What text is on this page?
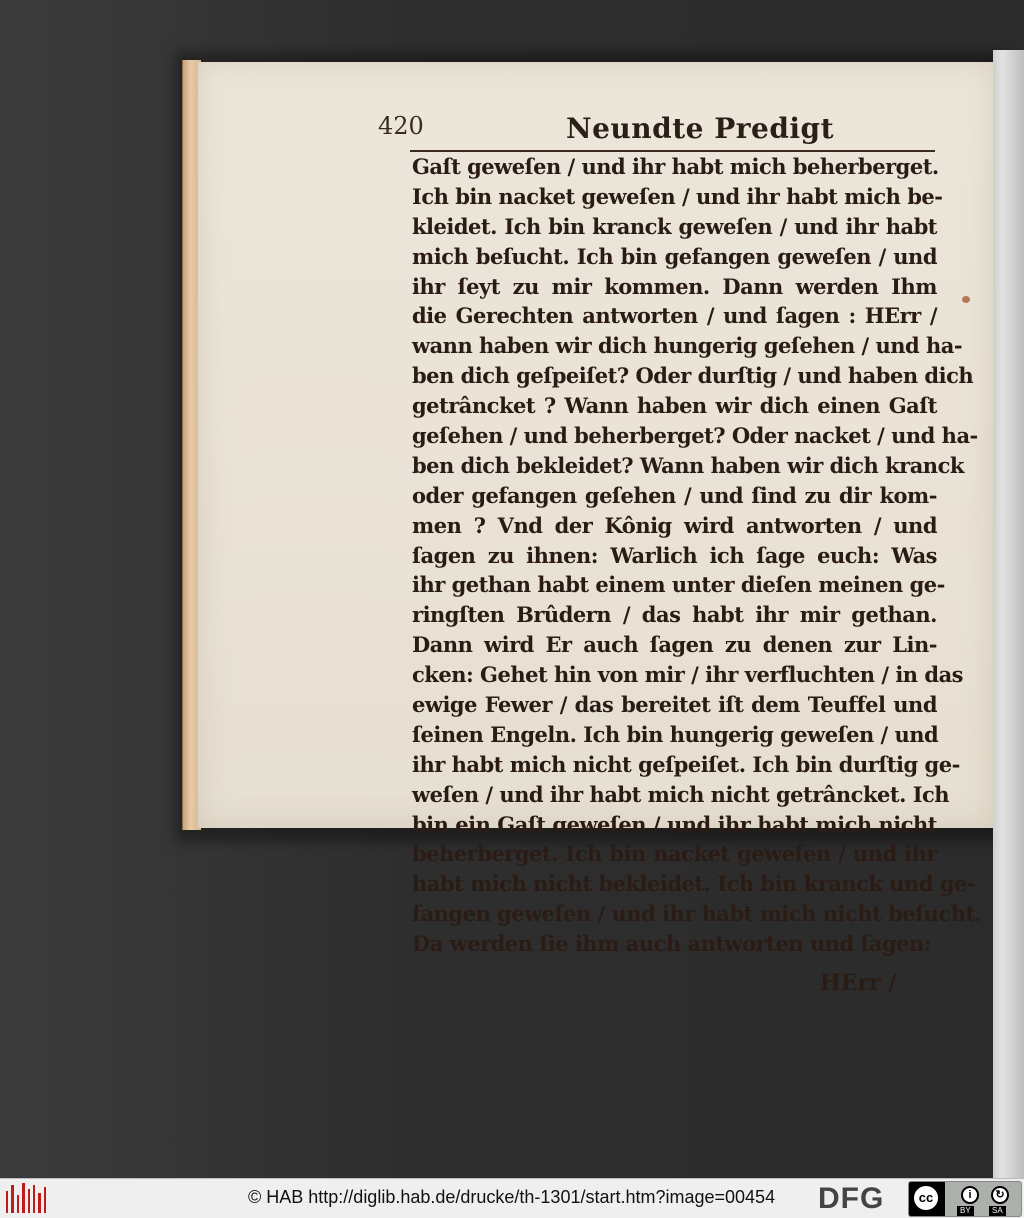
420	Neundte Predigt
Gaſt geweſen / und ihr habt mich beherberget.
Ich bin nacket geweſen / und ihr habt mich be-
kleidet. Ich bin kranck geweſen / und ihr habt
mich beſucht. Ich bin gefangen geweſen / und
ihr ſeyt zu mir kommen. Dann werden Ihm
die Gerechten antworten / und ſagen : HErr /
wann haben wir dich hungerig geſehen / und ha-
ben dich geſpeiſet? Oder durſtig / und haben dich
getrâncket ? Wann haben wir dich einen Gaſt
geſehen / und beherberget? Oder nacket / und ha-
ben dich bekleidet? Wann haben wir dich kranck
oder gefangen geſehen / und ſind zu dir kom-
men ? Vnd der Kônig wird antworten / und
ſagen zu ihnen: Warlich ich ſage euch: Was
ihr gethan habt einem unter dieſen meinen ge-
ringſten Brûdern / das habt ihr mir gethan.
Dann wird Er auch ſagen zu denen zur Lin-
cken: Gehet hin von mir / ihr verfluchten / in das
ewige Fewer / das bereitet iſt dem Teuffel und
ſeinen Engeln. Ich bin hungerig geweſen / und
ihr habt mich nicht geſpeiſet. Ich bin durſtig ge-
weſen / und ihr habt mich nicht getrâncket. Ich
bin ein Gaſt geweſen / und ihr habt mich nicht
beherberget. Ich bin nacket geweſen / und ihr
habt mich nicht bekleidet. Ich bin kranck und ge-
fangen geweſen / und ihr habt mich nicht beſucht.
Da werden ſie ihm auch antworten und ſagen:
HErr /
© HAB http://diglib.hab.de/drucke/th-1301/start.htm?image=00454 DFG	cc	i	↻
BY	SA
